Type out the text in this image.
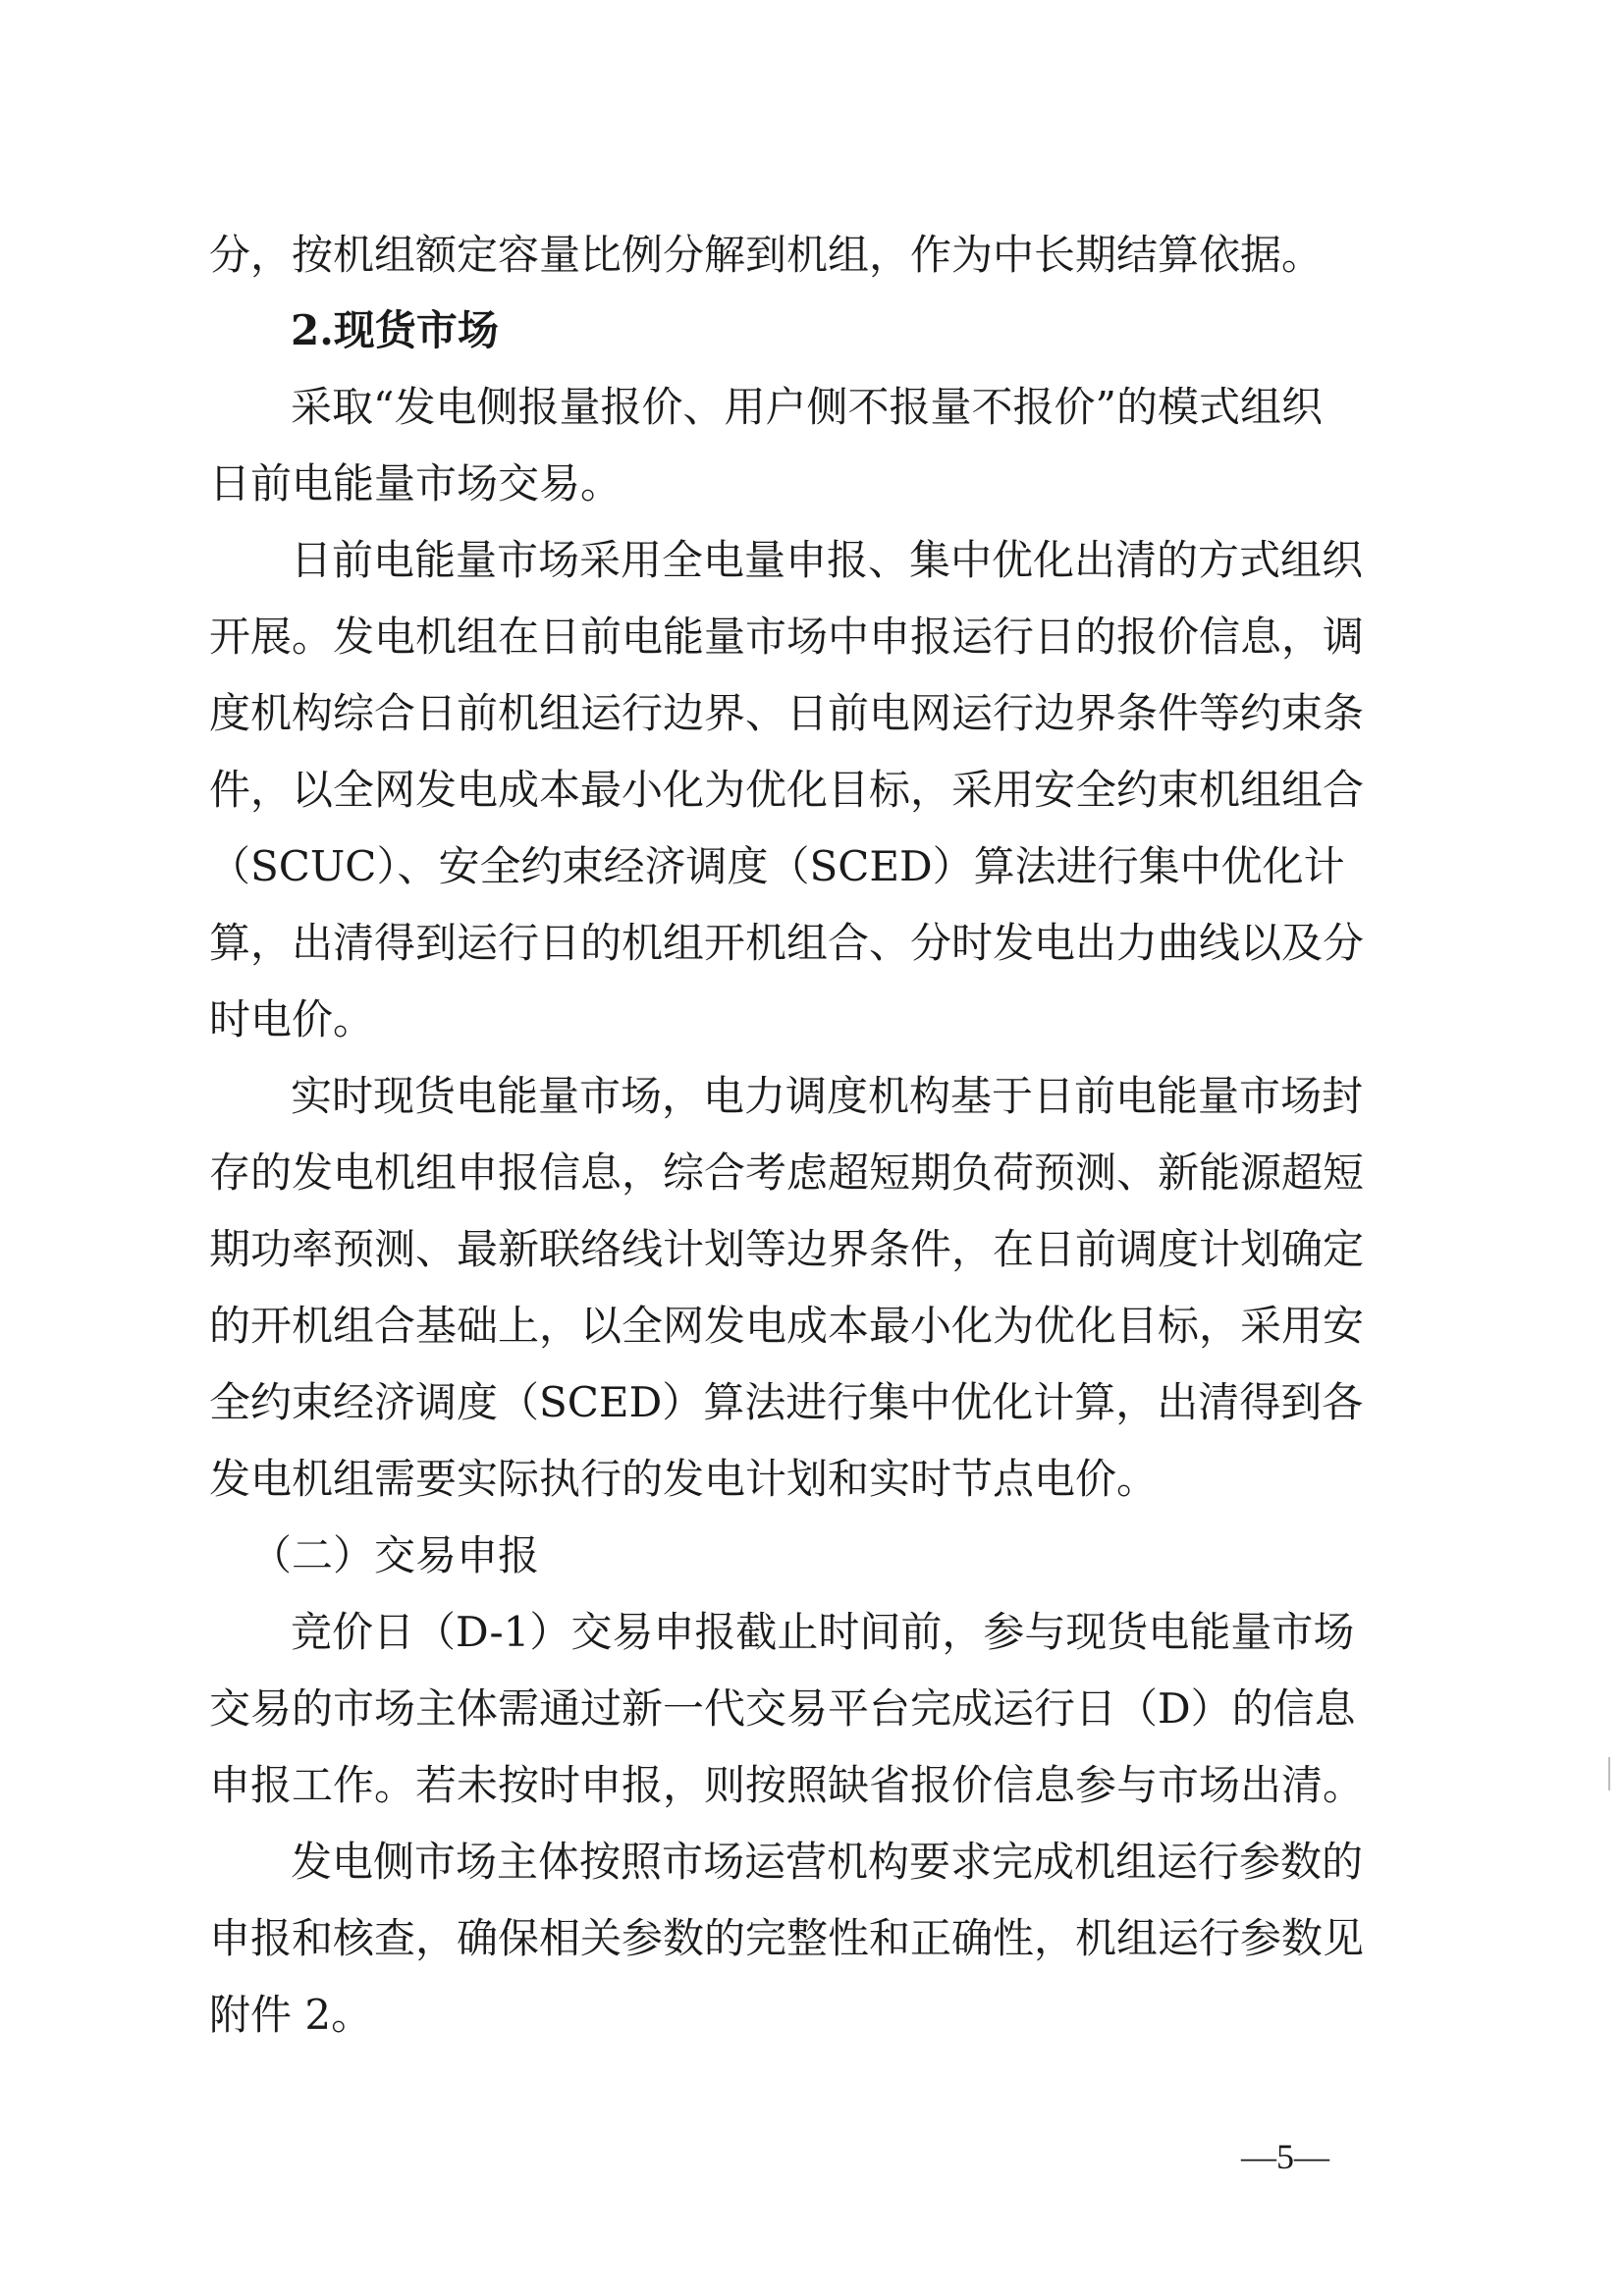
分，按机组额定容量比例分解到机组，作为中长期结算依据。
2.现货市场
采取“发电侧报量报价、用户侧不报量不报价”的模式组织
日前电能量市场交易。
日前电能量市场采用全电量申报、集中优化出清的方式组织
开展。发电机组在日前电能量市场中申报运行日的报价信息，调
度机构综合日前机组运行边界、日前电网运行边界条件等约束条
件，以全网发电成本最小化为优化目标，采用安全约束机组组合
（SCUC）、安全约束经济调度（SCED）算法进行集中优化计
算，出清得到运行日的机组开机组合、分时发电出力曲线以及分
时电价。
实时现货电能量市场，电力调度机构基于日前电能量市场封
存的发电机组申报信息，综合考虑超短期负荷预测、新能源超短
期功率预测、最新联络线计划等边界条件，在日前调度计划确定
的开机组合基础上，以全网发电成本最小化为优化目标，采用安
全约束经济调度（SCED）算法进行集中优化计算，出清得到各
发电机组需要实际执行的发电计划和实时节点电价。
（二）交易申报
竞价日（D-1）交易申报截止时间前，参与现货电能量市场
交易的市场主体需通过新一代交易平台完成运行日（D）的信息
申报工作。若未按时申报，则按照缺省报价信息参与市场出清。
发电侧市场主体按照市场运营机构要求完成机组运行参数的
申报和核查，确保相关参数的完整性和正确性，机组运行参数见
附件 2。
—5—
